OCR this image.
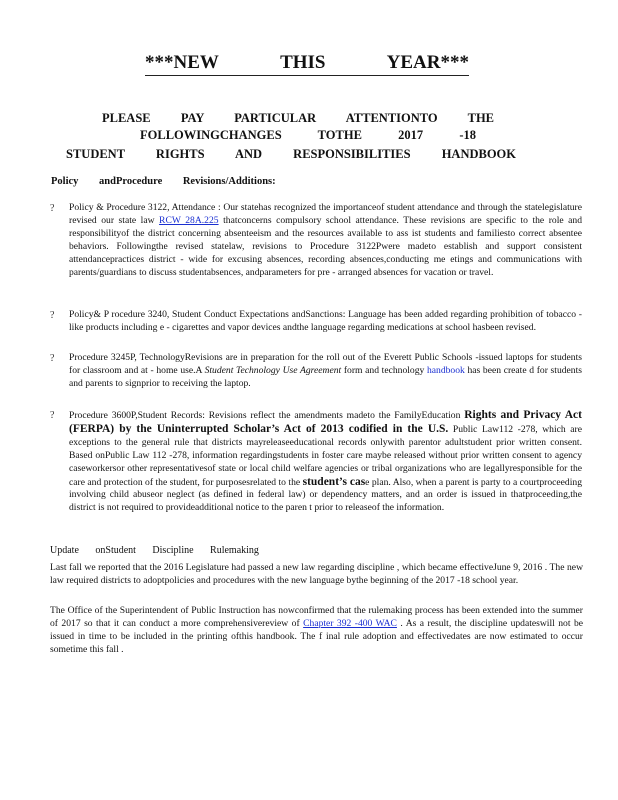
***NEW THIS YEAR***
PLEASE PAY PARTICULAR ATTENTIONTO THE
FOLLOWINGCHANGES TOTHE 2017 -18
STUDENT RIGHTS AND RESPONSIBILITIES HANDBOOK
Policy andProcedure Revisions/Additions:
? Policy & Procedure 3122, Attendance : Our statehas recognized the importanceof student attendance and through the statelegislature revised our state law RCW 28A.225 thatconcerns compulsory school attendance. These revisions are specific to the role and responsibilityof the district concerning absenteeism and the resources available to ass ist students and familiesto correct absentee behaviors. Followingthe revised statelaw, revisions to Procedure 3122Pwere madeto establish and support consistent attendancepractices district - wide for excusing absences, recording absences,conducting me etings and communications with parents/guardians to discuss studentabsences, andparameters for pre - arranged absences for vacation or travel.
? Policy& P rocedure 3240, Student Conduct Expectations andSanctions: Language has been added regarding prohibition of tobacco -like products including e - cigarettes and vapor devices andthe language regarding medications at school hasbeen revised.
? Procedure 3245P, TechnologyRevisions are in preparation for the roll out of the Everett Public Schools -issued laptops for students for classroom and at - home use.A Student Technology Use Agreement form and technology handbook has been create d for students and parents to signprior to receiving the laptop.
? Procedure 3600P,Student Records: Revisions reflect the amendments madeto the FamilyEducation Rights and Privacy Act (FERPA) by the Uninterrupted Scholar’s Act of 2013 codified in the U.S. Public Law112 -278, which are exceptions to the general rule that districts mayreleaseeducational records onlywith parentor adultstudent prior written consent. Based onPublic Law 112 -278, information regardingstudents in foster care maybe released without prior written consent to agency caseworkersor other representativesof state or local child welfare agencies or tribal organizations who are legallyresponsible for the care and protection of the student, for purposesrelated to the student’s case plan. Also, when a parent is party to a courtproceeding involving child abuseor neglect (as defined in federal law) or dependency matters, and an order is issued in thatproceeding,the district is not required to provideadditional notice to the paren t prior to releaseof the information.
Update onStudent Discipline Rulemaking
Last fall we reported that the 2016 Legislature had passed a new law regarding discipline , which became effectiveJune 9, 2016 . The new law required districts to adoptpolicies and procedures with the new language bythe beginning of the 2017 -18 school year.
The Office of the Superintendent of Public Instruction has nowconfirmed that the rulemaking process has been extended into the summer of 2017 so that it can conduct a more comprehensivereview of Chapter 392 -400 WAC . As a result, the discipline updateswill not be issued in time to be included in the printing ofthis handbook. The f inal rule adoption and effectivedates are now estimated to occur sometime this fall .
